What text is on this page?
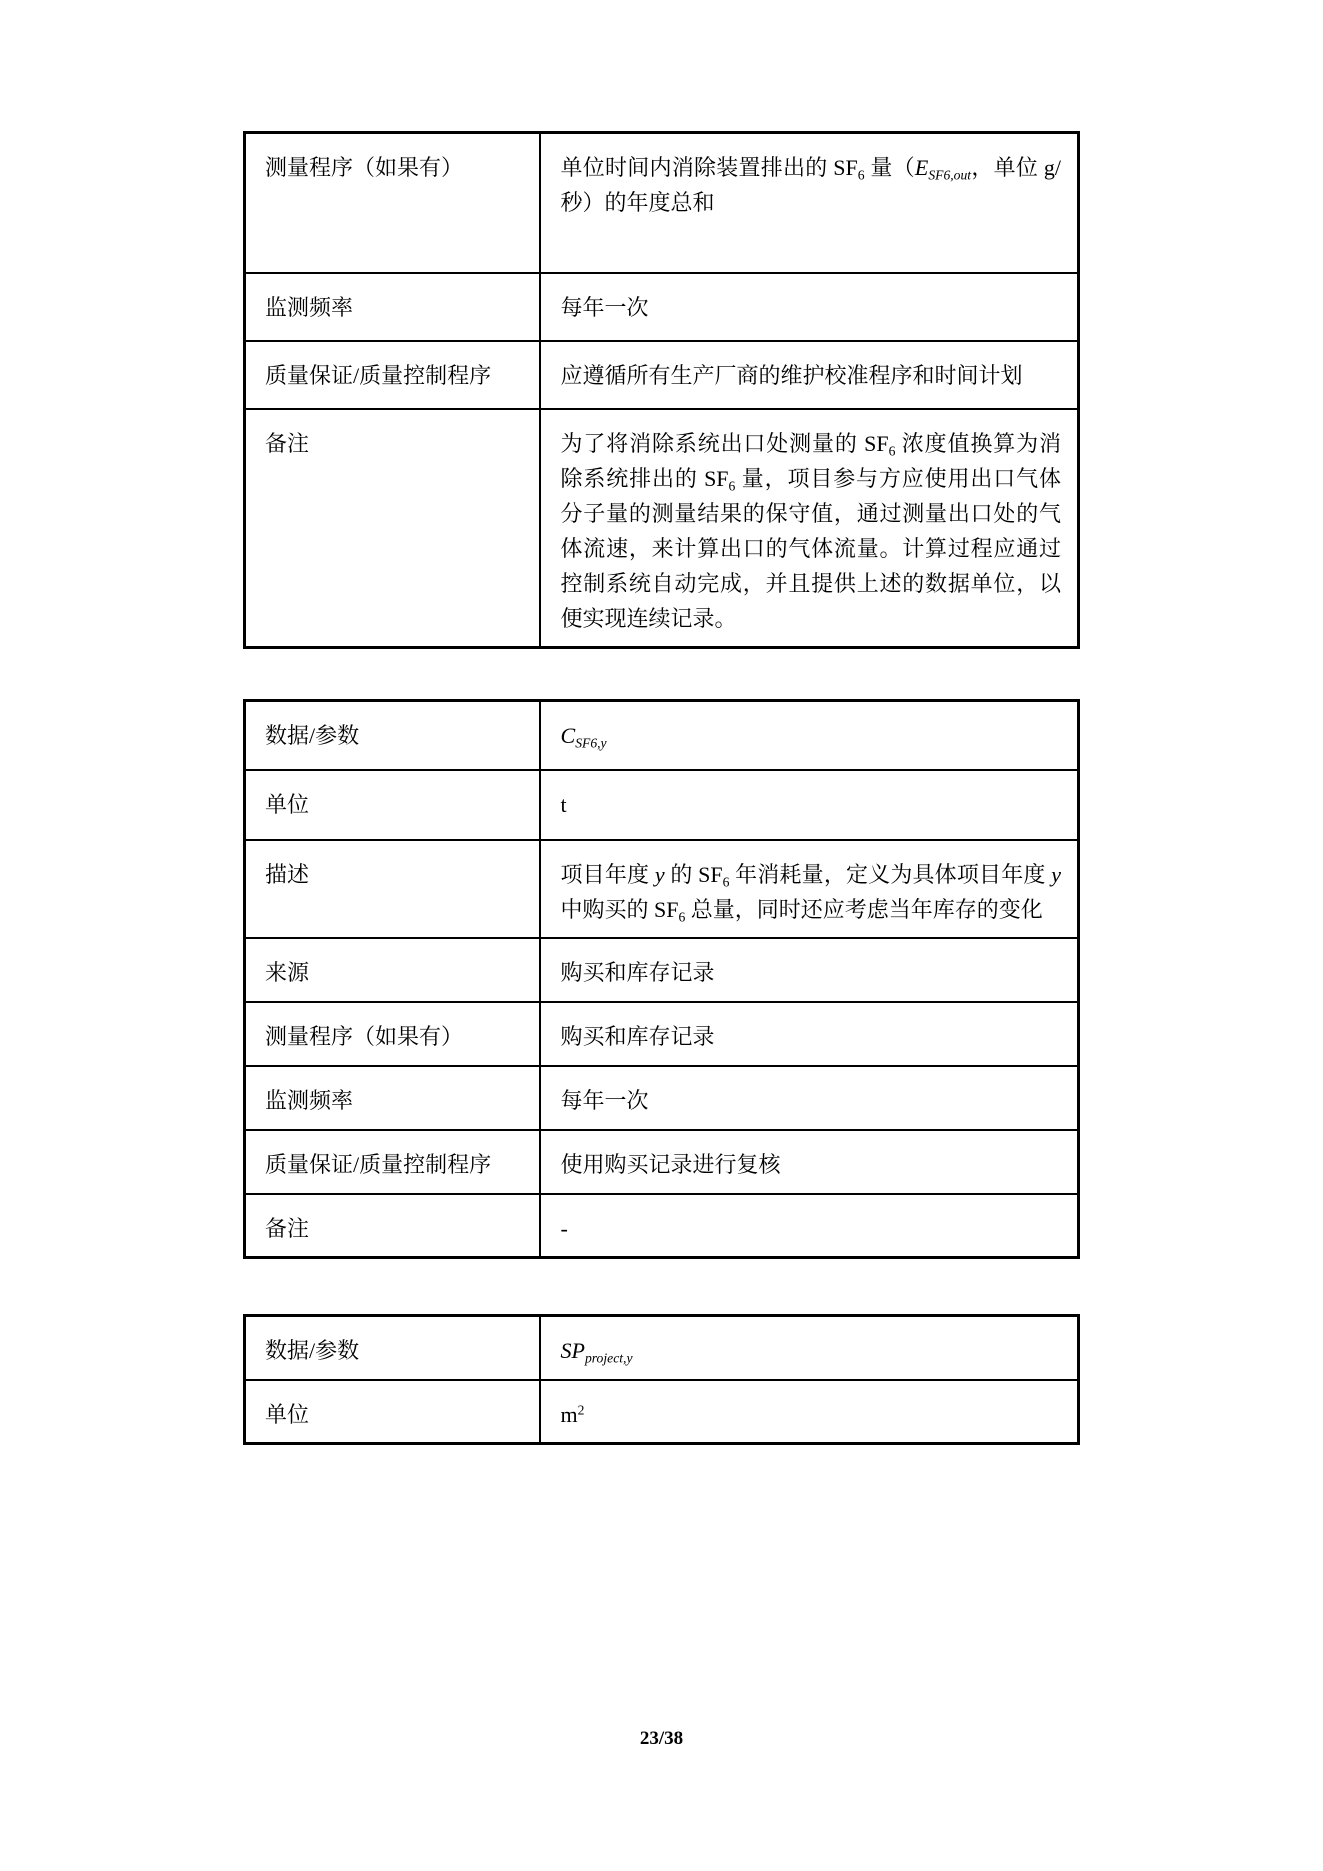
测量程序（如果有）	单位时间内消除装置排出的 SF6 量（ESF6,out，单位 g/秒）的年度总和

监测频率	每年一次

质量保证/质量控制程序	应遵循所有生产厂商的维护校准程序和时间计划

备注	为了将消除系统出口处测量的 SF6 浓度值换算为消除系统排出的 SF6 量，项目参与方应使用出口气体分子量的测量结果的保守值，通过测量出口处的气体流速，来计算出口的气体流量。计算过程应通过控制系统自动完成，并且提供上述的数据单位，以便实现连续记录。
数据/参数	CSF6,y

单位	t

描述	项目年度 y 的 SF6 年消耗量，定义为具体项目年度 y 中购买的 SF6 总量，同时还应考虑当年库存的变化

来源	购买和库存记录

测量程序（如果有）	购买和库存记录

监测频率	每年一次

质量保证/质量控制程序	使用购买记录进行复核

备注	-
数据/参数	SPproject,y

单位	$m^2$
23/38
